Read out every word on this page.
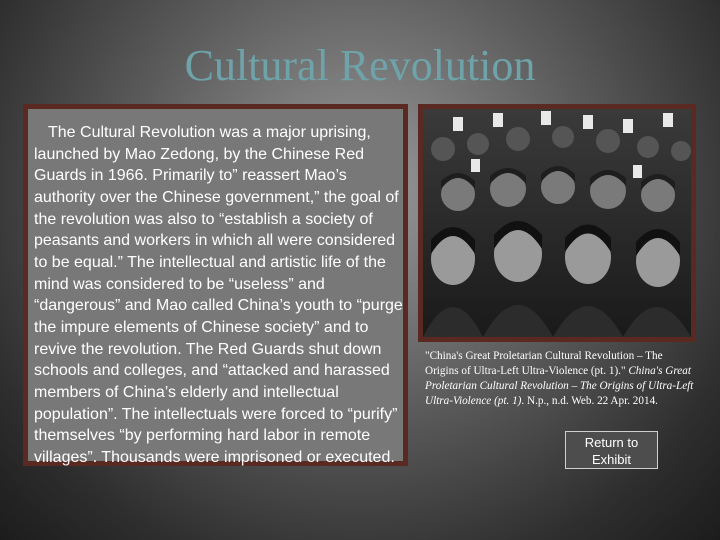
Cultural Revolution

The Cultural Revolution was a major uprising, launched by Mao Zedong, by the Chinese Red Guards in 1966. Primarily to” reassert Mao’s authority over the Chinese government,” the goal of the revolution was also to “establish a society of peasants and workers in which all were considered to be equal.” The intellectual and artistic life of the mind was considered to be “useless” and “dangerous” and Mao called China’s youth to “purge the impure elements of Chinese society” and to revive the revolution. The Red Guards shut down schools and colleges, and “attacked and harassed members of China’s elderly and intellectual population”. The intellectuals were forced to “purify” themselves “by performing hard labor in remote villages”. Thousands were imprisoned or executed.

"China's Great Proletarian Cultural Revolution – The Origins of Ultra-Left Ultra-Violence (pt. 1)." China's Great Proletarian Cultural Revolution – The Origins of Ultra-Left Ultra-Violence (pt. 1). N.p., n.d. Web. 22 Apr. 2014.
Return to
Exhibit
